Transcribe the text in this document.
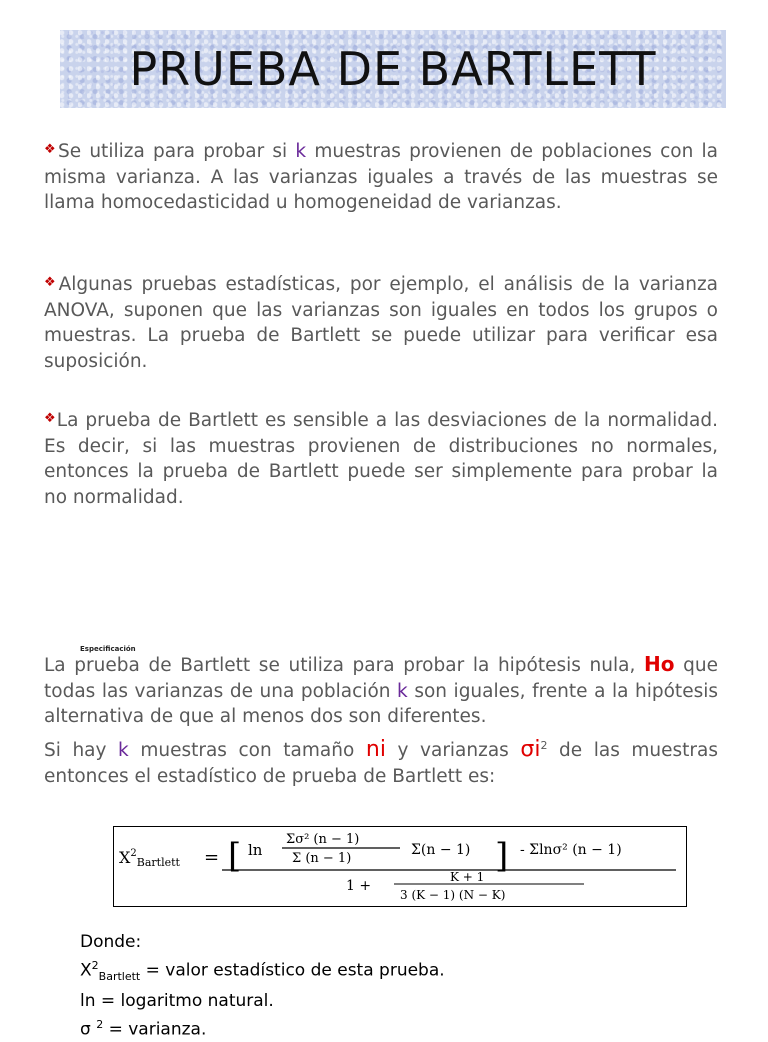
PRUEBA DE BARTLETT
❖Se utiliza para probar si k muestras provienen de poblaciones con la misma varianza. A las varianzas iguales a través de las muestras se llama homocedasticidad u homogeneidad de varianzas.
❖Algunas pruebas estadísticas, por ejemplo, el análisis de la varianza ANOVA, suponen que las varianzas son iguales en todos los grupos o muestras. La prueba de Bartlett se puede utilizar para verificar esa suposición.
❖La prueba de Bartlett es sensible a las desviaciones de la normalidad. Es decir, si las muestras provienen de distribuciones no normales, entonces la prueba de Bartlett puede ser simplemente para probar la no normalidad.
Especificación
La prueba de Bartlett se utiliza para probar la hipótesis nula, Ho que todas las varianzas de una población k son iguales, frente a la hipótesis alternativa de que al menos dos son diferentes.
Si hay k muestras con tamaño ni y varianzas $\sigma i^2$ de las muestras entonces el estadístico de prueba de Bartlett es:
$X^2_{Bartlett}$ = [ ln
Σσ² (n − 1)
Σ (n − 1)
Σ(n − 1) ] - Σlnσ² (n − 1)
1 +
K + 1
3 (K − 1) (N − K)
Donde:
$X^2_{Bartlett}$ = valor estadístico de esta prueba.
ln = logaritmo natural.
σ $^2$ = varianza.
